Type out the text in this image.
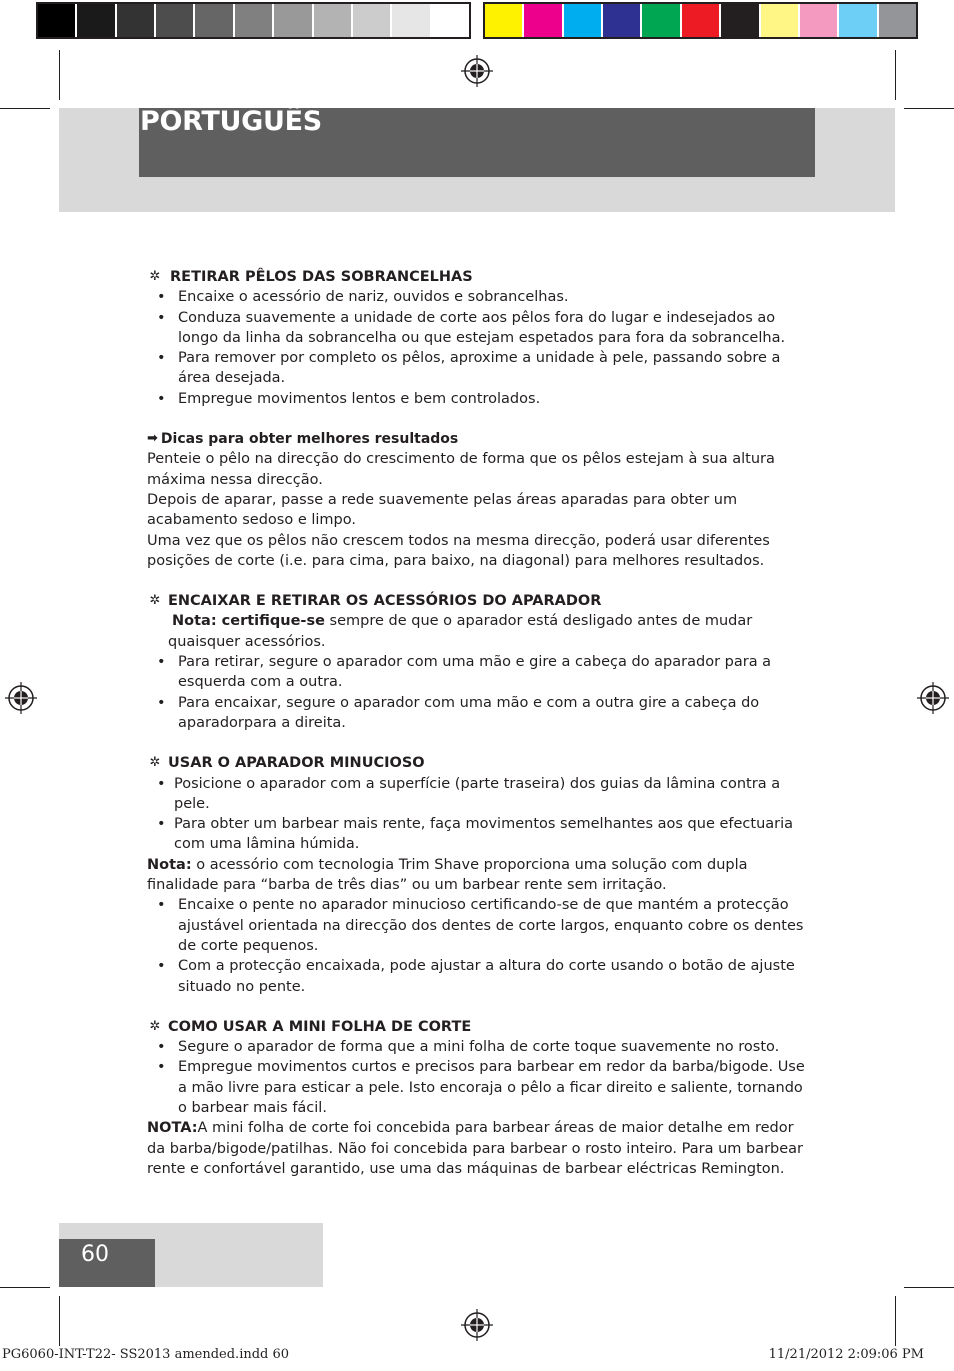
PORTUGUÊS
✲ RETIRAR PÊLOS DAS SOBRANCELHAS
• Encaixe o acessório de nariz, ouvidos e sobrancelhas.
• Conduza suavemente a unidade de corte aos pêlos fora do lugar e indesejados ao longo da linha da sobrancelha ou que estejam espetados para fora da sobrancelha.
• Para remover por completo os pêlos, aproxime a unidade à pele, passando sobre a área desejada.
• Empregue movimentos lentos e bem controlados.
➡ Dicas para obter melhores resultados

Penteie o pêlo na direcção do crescimento de forma que os pêlos estejam à sua altura máxima nessa direcção.

Depois de aparar, passe a rede suavemente pelas áreas aparadas para obter um acabamento sedoso e limpo.

Uma vez que os pêlos não crescem todos na mesma direcção, poderá usar diferentes posições de corte (i.e. para cima, para baixo, na diagonal) para melhores resultados.

✲ ENCAIXAR E RETIRAR OS ACESSÓRIOS DO APARADOR

Nota: certifique-se sempre de que o aparador está desligado antes de mudar quaisquer acessórios.

• Para retirar, segure o aparador com uma mão e gire a cabeça do aparador para a esquerda com a outra.
• Para encaixar, segure o aparador com uma mão e com a outra gire a cabeça do aparadorpara a direita.
✲ USAR O APARADOR MINUCIOSO
• Posicione o aparador com a superfície (parte traseira) dos guias da lâmina contra a pele.
• Para obter um barbear mais rente, faça movimentos semelhantes aos que efectuaria com uma lâmina húmida.

Nota: o acessório com tecnologia Trim Shave proporciona uma solução com dupla finalidade para “barba de três dias” ou um barbear rente sem irritação.

• Encaixe o pente no aparador minucioso certificando-se de que mantém a protecção ajustável orientada na direcção dos dentes de corte largos, enquanto cobre os dentes de corte pequenos.
• Com a protecção encaixada, pode ajustar a altura do corte usando o botão de ajuste situado no pente.
✲ COMO USAR A MINI FOLHA DE CORTE
• Segure o aparador de forma que a mini folha de corte toque suavemente no rosto.
• Empregue movimentos curtos e precisos para barbear em redor da barba/bigode. Use a mão livre para esticar a pele. Isto encoraja o pêlo a ficar direito e saliente, tornando o barbear mais fácil.

NOTA:A mini folha de corte foi concebida para barbear áreas de maior detalhe em redor da barba/bigode/patilhas. Não foi concebida para barbear o rosto inteiro. Para um barbear rente e confortável garantido, use uma das máquinas de barbear eléctricas Remington.

60
PG6060-INT-T22- SS2013 amended.indd 60	11/21/2012 2:09:06 PM
